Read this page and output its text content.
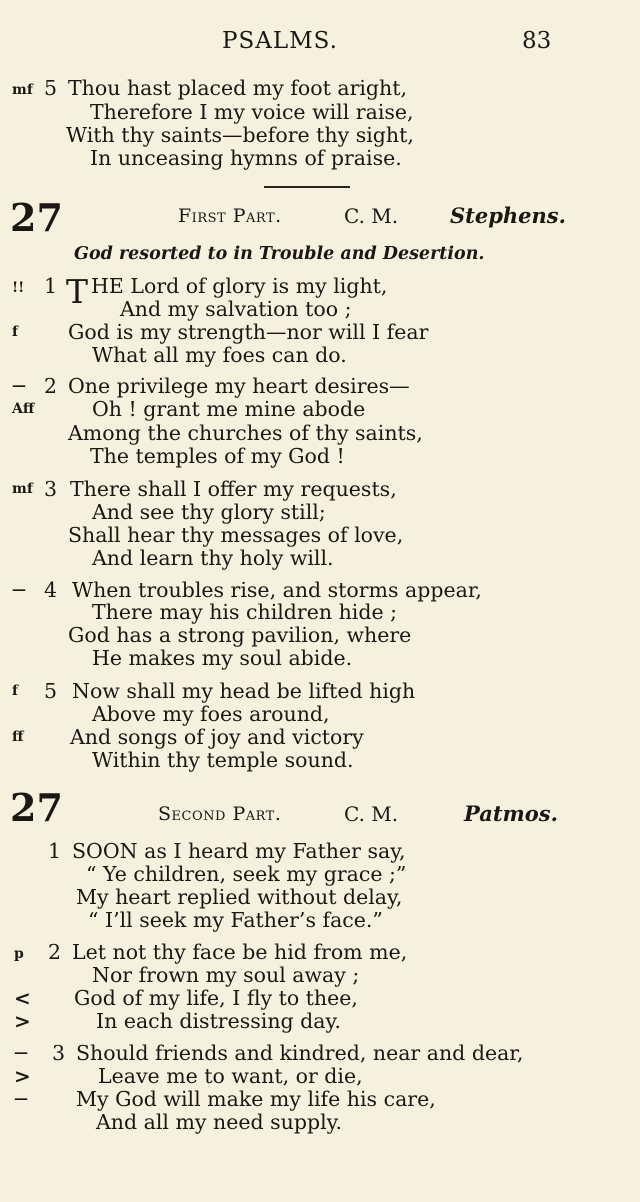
PSALMS.	83
mf 5 Thou hast placed my foot aright,
Therefore I my voice will raise,
With thy saints—before thy sight,
In unceasing hymns of praise.
27	First Part.	C. M. Stephens.
God resorted to in Trouble and Desertion.
!! 1 T HE Lord of glory is my light,
And my salvation too ;
f God is my strength—nor will I fear
What all my foes can do.
— 2 One privilege my heart desires—
Aff	Oh ! grant me mine abode
Among the churches of thy saints,
The temples of my God !
mf 3 There shall I offer my requests,
And see thy glory still;
Shall hear thy messages of love,
And learn thy holy will.
— 4 When troubles rise, and storms appear,
There may his children hide ;
God has a strong pavilion, where
He makes my soul abide.
f 5 Now shall my head be lifted high
Above my foes around,
ff And songs of joy and victory
Within thy temple sound.
27	Second Part.	C. M.	Patmos.
1 SOON as I heard my Father say,
“ Ye children, seek my grace ;”
My heart replied without delay,
“ I’ll seek my Father’s face.”
p 2 Let not thy face be hid from me,
Nor frown my soul away ;
< God of my life, I fly to thee,
>	In each distressing day.
— 3 Should friends and kindred, near and dear,
>	Leave me to want, or die,
— My God will make my life his care,
And all my need supply.
